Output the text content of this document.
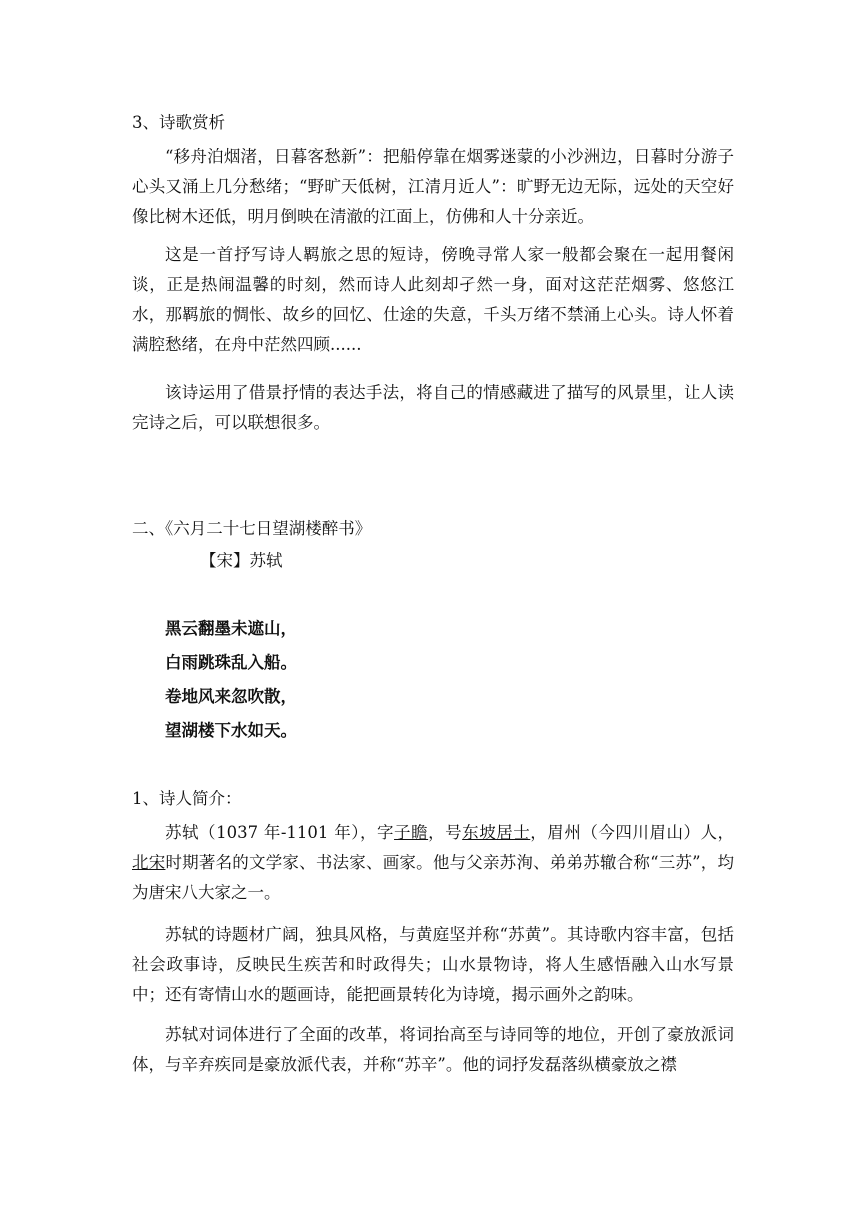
3、诗歌赏析

“移舟泊烟渚，日暮客愁新”：把船停靠在烟雾迷蒙的小沙洲边，日暮时分游子心头又涌上几分愁绪；“野旷天低树，江清月近人”：旷野无边无际，远处的天空好像比树木还低，明月倒映在清澈的江面上，仿佛和人十分亲近。

这是一首抒写诗人羁旅之思的短诗，傍晚寻常人家一般都会聚在一起用餐闲谈，正是热闹温馨的时刻，然而诗人此刻却孑然一身，面对这茫茫烟雾、悠悠江水，那羁旅的惆怅、故乡的回忆、仕途的失意，千头万绪不禁涌上心头。诗人怀着满腔愁绪，在舟中茫然四顾......

该诗运用了借景抒情的表达手法，将自己的情感藏进了描写的风景里，让人读完诗之后，可以联想很多。

二、《六月二十七日望湖楼醉书》

【宋】苏轼

黑云翻墨未遮山，

白雨跳珠乱入船。

卷地风来忽吹散，

望湖楼下水如天。

1、诗人简介：

苏轼（1037 年-1101 年），字子瞻，号东坡居士，眉州（今四川眉山）人，北宋时期著名的文学家、书法家、画家。他与父亲苏洵、弟弟苏辙合称“三苏”，均为唐宋八大家之一。

苏轼的诗题材广阔，独具风格，与黄庭坚并称“苏黄”。其诗歌内容丰富，包括社会政事诗，反映民生疾苦和时政得失；山水景物诗，将人生感悟融入山水写景中；还有寄情山水的题画诗，能把画景转化为诗境，揭示画外之韵味。

苏轼对词体进行了全面的改革，将词抬高至与诗同等的地位，开创了豪放派词体，与辛弃疾同是豪放派代表，并称“苏辛”。他的词抒发磊落纵横豪放之襟
